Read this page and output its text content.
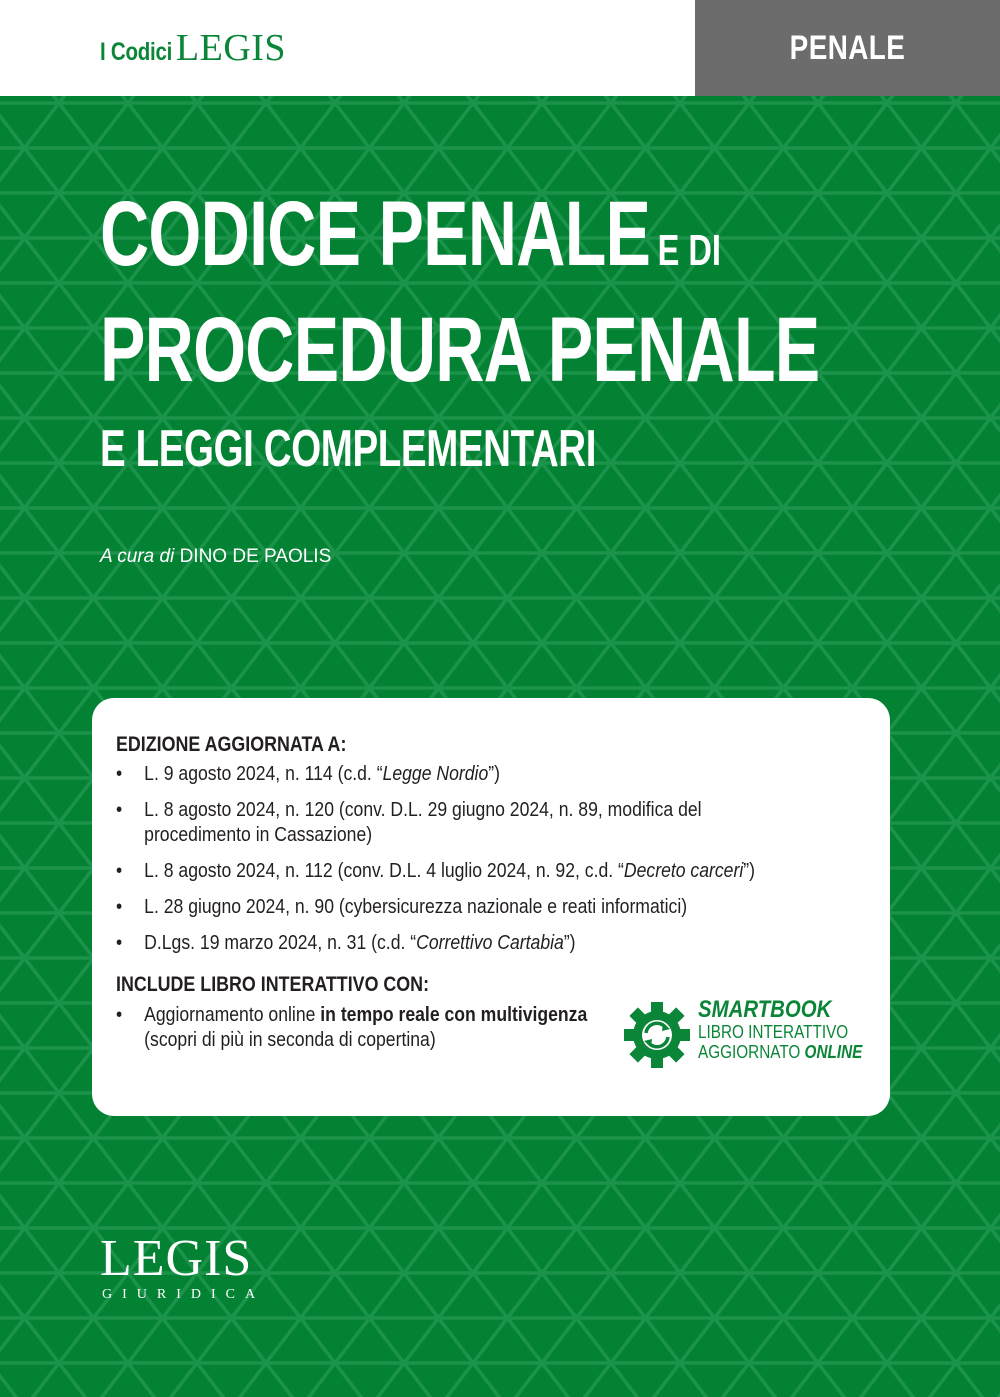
I Codici LEGIS	PENALE
CODICE PENALE E DI
PROCEDURA PENALE
E LEGGI COMPLEMENTARI
A cura di DINO DE PAOLIS
EDIZIONE AGGIORNATA A:
• L. 9 agosto 2024, n. 114 (c.d. “Legge Nordio”)
• L. 8 agosto 2024, n. 120 (conv. D.L. 29 giugno 2024, n. 89, modifica del procedimento in Cassazione)
• L. 8 agosto 2024, n. 112 (conv. D.L. 4 luglio 2024, n. 92, c.d. “Decreto carceri”)
• L. 28 giugno 2024, n. 90 (cybersicurezza nazionale e reati informatici)
• D.Lgs. 19 marzo 2024, n. 31 (c.d. “Correttivo Cartabia”)
INCLUDE LIBRO INTERATTIVO CON:
• Aggiornamento online in tempo reale con multivigenza (scopri di più in seconda di copertina)
SMARTBOOK
LIBRO INTERATTIVO
AGGIORNATO ONLINE
LEGIS
GIURIDICA
